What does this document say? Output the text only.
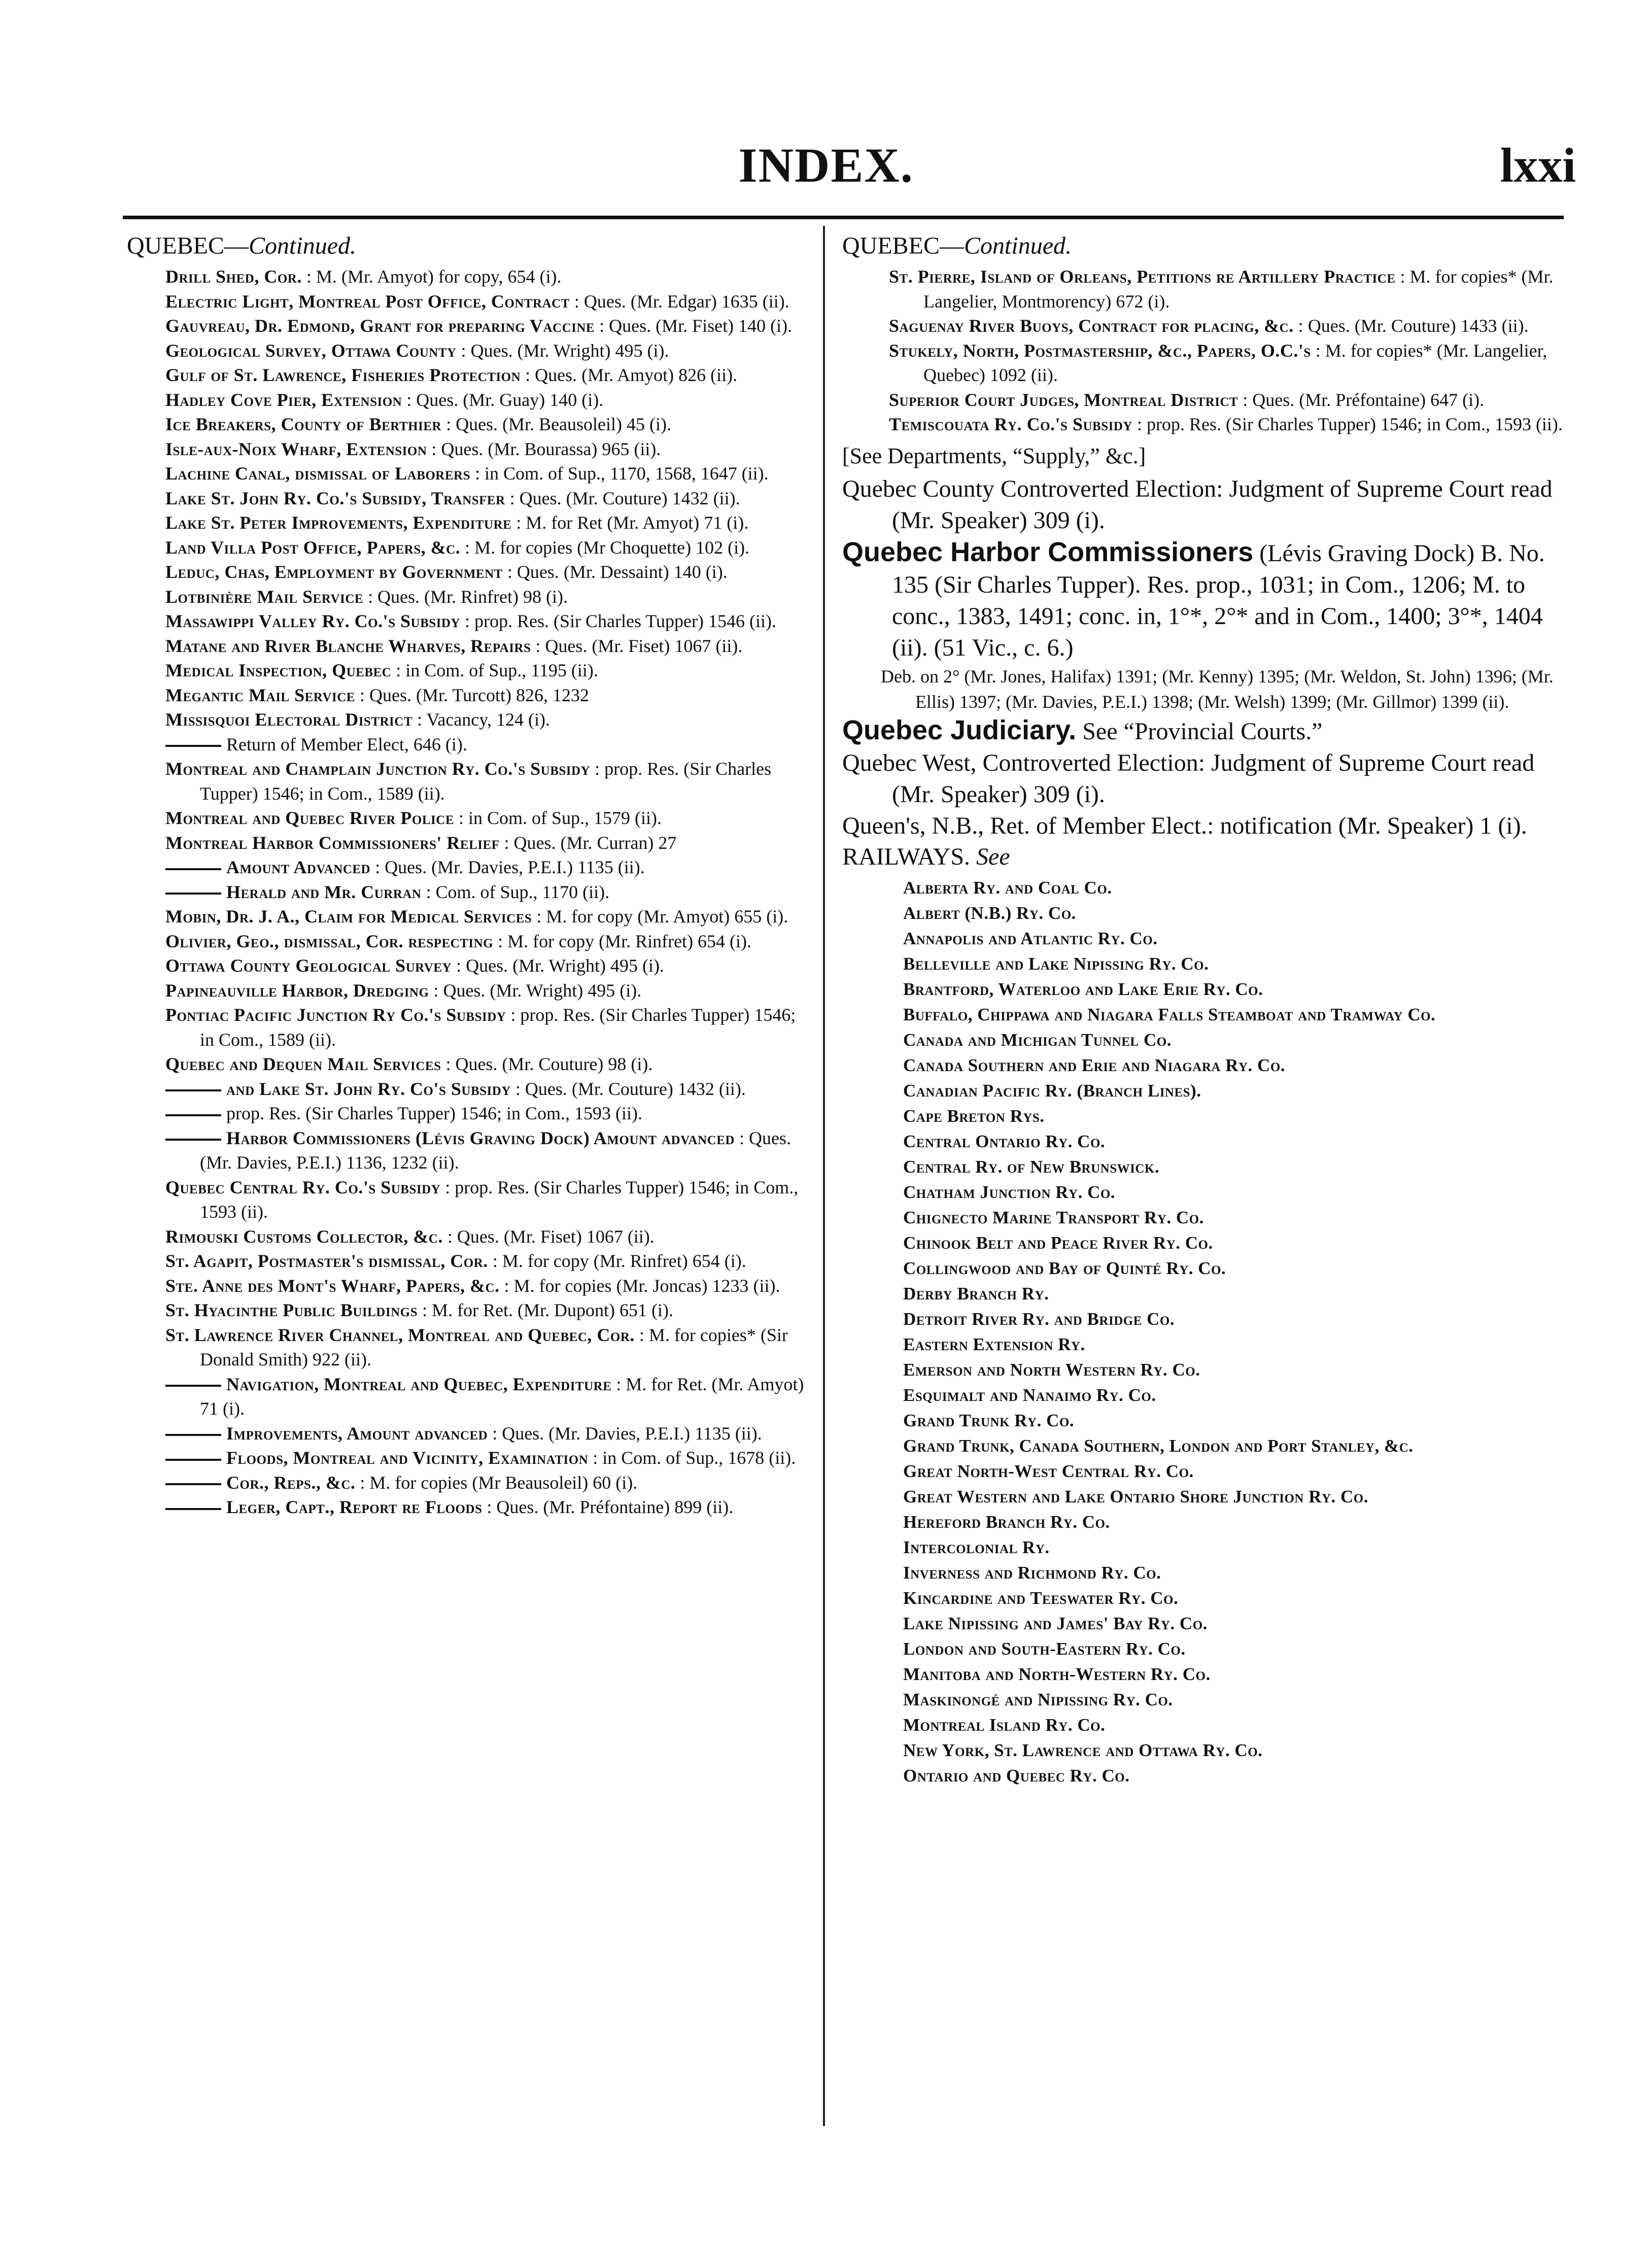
INDEX.	lxxi
QUEBEC—Continued.
Drill Shed, Cor. : M. (Mr. Amyot) for copy, 654 (i).
Electric Light, Montreal Post Office, Contract : Ques. (Mr. Edgar) 1635 (ii).
Gauvreau, Dr. Edmond, Grant for preparing Vaccine : Ques. (Mr. Fiset) 140 (i).
Geological Survey, Ottawa County : Ques. (Mr. Wright) 495 (i).
Gulf of St. Lawrence, Fisheries Protection : Ques. (Mr. Amyot) 826 (ii).
Hadley Cove Pier, Extension : Ques. (Mr. Guay) 140 (i).
Ice Breakers, County of Berthier : Ques. (Mr. Beausoleil) 45 (i).
Isle-aux-Noix Wharf, Extension : Ques. (Mr. Bourassa) 965 (ii).
Lachine Canal, dismissal of Laborers : in Com. of Sup., 1170, 1568, 1647 (ii).
Lake St. John Ry. Co.'s Subsidy, Transfer : Ques. (Mr. Couture) 1432 (ii).
Lake St. Peter Improvements, Expenditure : M. for Ret (Mr. Amyot) 71 (i).
Land Villa Post Office, Papers, &c. : M. for copies (Mr Choquette) 102 (i).
Leduc, Chas, Employment by Government : Ques. (Mr. Dessaint) 140 (i).
Lotbinière Mail Service : Ques. (Mr. Rinfret) 98 (i).
Massawippi Valley Ry. Co.'s Subsidy : prop. Res. (Sir Charles Tupper) 1546 (ii).
Matane and River Blanche Wharves, Repairs : Ques. (Mr. Fiset) 1067 (ii).
Medical Inspection, Quebec : in Com. of Sup., 1195 (ii).
Megantic Mail Service : Ques. (Mr. Turcott) 826, 1232
Missisquoi Electoral District : Vacancy, 124 (i).
Return of Member Elect, 646 (i).
Montreal and Champlain Junction Ry. Co.'s Subsidy : prop. Res. (Sir Charles Tupper) 1546; in Com., 1589 (ii).
Montreal and Quebec River Police : in Com. of Sup., 1579 (ii).
Montreal Harbor Commissioners' Relief : Ques. (Mr. Curran) 27
Amount Advanced : Ques. (Mr. Davies, P.E.I.) 1135 (ii).
Herald and Mr. Curran : Com. of Sup., 1170 (ii).
Mobin, Dr. J. A., Claim for Medical Services : M. for copy (Mr. Amyot) 655 (i).
Olivier, Geo., dismissal, Cor. respecting : M. for copy (Mr. Rinfret) 654 (i).
Ottawa County Geological Survey : Ques. (Mr. Wright) 495 (i).
Papineauville Harbor, Dredging : Ques. (Mr. Wright) 495 (i).
Pontiac Pacific Junction Ry Co.'s Subsidy : prop. Res. (Sir Charles Tupper) 1546; in Com., 1589 (ii).
Quebec and Dequen Mail Services : Ques. (Mr. Couture) 98 (i).
and Lake St. John Ry. Co's Subsidy : Ques. (Mr. Couture) 1432 (ii).
prop. Res. (Sir Charles Tupper) 1546; in Com., 1593 (ii).
Harbor Commissioners (Lévis Graving Dock) Amount advanced : Ques. (Mr. Davies, P.E.I.) 1136, 1232 (ii).
Quebec Central Ry. Co.'s Subsidy : prop. Res. (Sir Charles Tupper) 1546; in Com., 1593 (ii).
Rimouski Customs Collector, &c. : Ques. (Mr. Fiset) 1067 (ii).
St. Agapit, Postmaster's dismissal, Cor. : M. for copy (Mr. Rinfret) 654 (i).
Ste. Anne des Mont's Wharf, Papers, &c. : M. for copies (Mr. Joncas) 1233 (ii).
St. Hyacinthe Public Buildings : M. for Ret. (Mr. Dupont) 651 (i).
St. Lawrence River Channel, Montreal and Quebec, Cor. : M. for copies* (Sir Donald Smith) 922 (ii).
Navigation, Montreal and Quebec, Expenditure : M. for Ret. (Mr. Amyot) 71 (i).
Improvements, Amount advanced : Ques. (Mr. Davies, P.E.I.) 1135 (ii).
Floods, Montreal and Vicinity, Examination : in Com. of Sup., 1678 (ii).
Cor., Reps., &c. : M. for copies (Mr Beausoleil) 60 (i).
Leger, Capt., Report re Floods : Ques. (Mr. Préfontaine) 899 (ii).
QUEBEC—Continued.
St. Pierre, Island of Orleans, Petitions re Artillery Practice : M. for copies* (Mr. Langelier, Montmorency) 672 (i).
Saguenay River Buoys, Contract for placing, &c. : Ques. (Mr. Couture) 1433 (ii).
Stukely, North, Postmastership, &c., Papers, O.C.'s : M. for copies* (Mr. Langelier, Quebec) 1092 (ii).
Superior Court Judges, Montreal District : Ques. (Mr. Préfontaine) 647 (i).
Temiscouata Ry. Co.'s Subsidy : prop. Res. (Sir Charles Tupper) 1546; in Com., 1593 (ii).
[See Departments, “Supply,” &c.]
Quebec County Controverted Election: Judgment of Supreme Court read (Mr. Speaker) 309 (i).
Quebec Harbor Commissioners (Lévis Graving Dock) B. No. 135 (Sir Charles Tupper). Res. prop., 1031; in Com., 1206; M. to conc., 1383, 1491; conc. in, 1°*, 2°* and in Com., 1400; 3°*, 1404 (ii). (51 Vic., c. 6.)
Deb. on 2° (Mr. Jones, Halifax) 1391; (Mr. Kenny) 1395; (Mr. Weldon, St. John) 1396; (Mr. Ellis) 1397; (Mr. Davies, P.E.I.) 1398; (Mr. Welsh) 1399; (Mr. Gillmor) 1399 (ii).
Quebec Judiciary. See “Provincial Courts.”
Quebec West, Controverted Election: Judgment of Supreme Court read (Mr. Speaker) 309 (i).
Queen's, N.B., Ret. of Member Elect.: notification (Mr. Speaker) 1 (i).
RAILWAYS. See
Alberta Ry. and Coal Co.
Albert (N.B.) Ry. Co.
Annapolis and Atlantic Ry. Co.
Belleville and Lake Nipissing Ry. Co.
Brantford, Waterloo and Lake Erie Ry. Co.
Buffalo, Chippawa and Niagara Falls Steamboat and Tramway Co.
Canada and Michigan Tunnel Co.
Canada Southern and Erie and Niagara Ry. Co.
Canadian Pacific Ry. (Branch Lines).
Cape Breton Rys.
Central Ontario Ry. Co.
Central Ry. of New Brunswick.
Chatham Junction Ry. Co.
Chignecto Marine Transport Ry. Co.
Chinook Belt and Peace River Ry. Co.
Collingwood and Bay of Quinté Ry. Co.
Derby Branch Ry.
Detroit River Ry. and Bridge Co.
Eastern Extension Ry.
Emerson and North Western Ry. Co.
Esquimalt and Nanaimo Ry. Co.
Grand Trunk Ry. Co.
Grand Trunk, Canada Southern, London and Port Stanley, &c.
Great North-West Central Ry. Co.
Great Western and Lake Ontario Shore Junction Ry. Co.
Hereford Branch Ry. Co.
Intercolonial Ry.
Inverness and Richmond Ry. Co.
Kincardine and Teeswater Ry. Co.
Lake Nipissing and James' Bay Ry. Co.
London and South-Eastern Ry. Co.
Manitoba and North-Western Ry. Co.
Maskinongé and Nipissing Ry. Co.
Montreal Island Ry. Co.
New York, St. Lawrence and Ottawa Ry. Co.
Ontario and Quebec Ry. Co.
